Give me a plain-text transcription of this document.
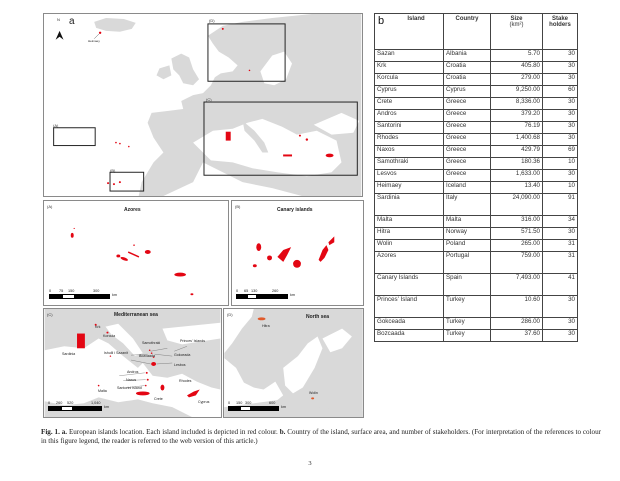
N a
Heimaey
(D)
(C)
(A)
(B)
(A)
Azores
0 75 150	300
km
(B)
Canary islands
0 65 130	260
km
(C)	Mediterranean sea
Krk
Korcula
Sardinia	Ishulli i Sazanit
Samothraki	Princes' Islands
Bozcaada	Gokceada
Lesbos
Andros
Naxos	Rhodes
Santorini Island
Malta
Crete
Cyprus
0 260 520	1,040
km
(D)	North sea
Hitra
Wolin
0 150 300	600
km
b Island	Country	Size
(km²)	Stake
holders
Sazan	Albania	5.70	30
Krk	Croatia	405.80	30
Korcula	Croatia	279.00	30
Cyprus	Cyprus	9,250.00	60
Crete	Greece	8,336.00	30
Andros	Greece	379.20	30
Santorini	Greece	76.19	30
Rhodes	Greece	1,400.68	30
Naxos	Greece	429.79	69
Samothraki	Greece	180.36	10
Lesvos	Greece	1,633.00	30
Heimaey	Iceland	13.40	10
Sardinia	Italy	24,090.00	91
Malta	Malta	316.00	34
Hitra	Norway	571.50	30
Wolin	Poland	265.00	31
Azores	Portugal	759.00	31
Canary Islands	Spain	7,493.00	41
Princes' Island	Turkey	10.60	30
Gokceada	Turkey	286.00	30
Bozcaada	Turkey	37.60	30
Fig. 1. a. European islands location. Each island included is depicted in red colour. b. Country of the island, surface area, and number of stakeholders. (For interpretation of the references to colour in this figure legend, the reader is referred to the web version of this article.)
3
